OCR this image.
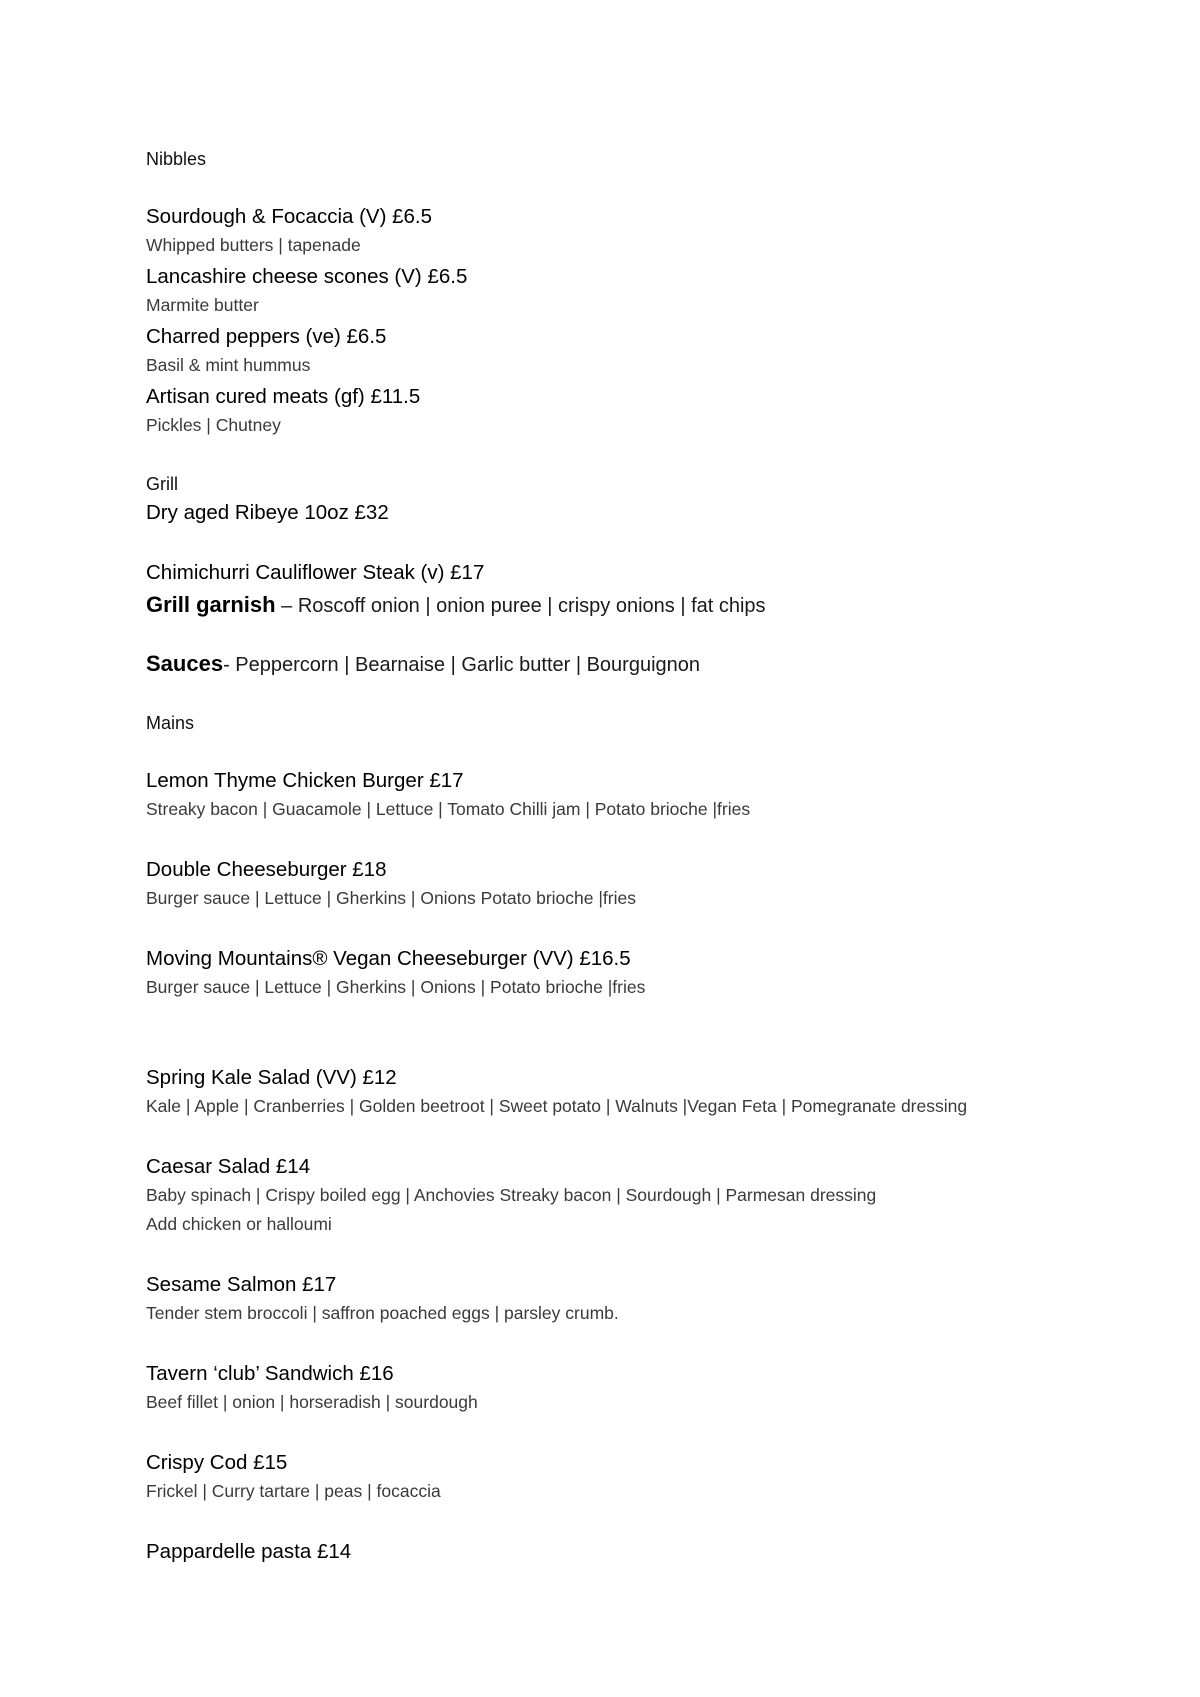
Nibbles
Sourdough & Focaccia (V) £6.5
Whipped butters | tapenade
Lancashire cheese scones (V) £6.5
Marmite butter
Charred peppers (ve) £6.5
Basil & mint hummus
Artisan cured meats (gf) £11.5
Pickles | Chutney
Grill
Dry aged Ribeye 10oz £32
Chimichurri Cauliflower Steak (v) £17
Grill garnish – Roscoff onion | onion puree | crispy onions | fat chips
Sauces- Peppercorn | Bearnaise | Garlic butter | Bourguignon
Mains
Lemon Thyme Chicken Burger £17
Streaky bacon | Guacamole | Lettuce | Tomato Chilli jam | Potato brioche |fries
Double Cheeseburger £18
Burger sauce | Lettuce | Gherkins | Onions Potato brioche |fries
Moving Mountains® Vegan Cheeseburger (VV) £16.5
Burger sauce | Lettuce | Gherkins | Onions | Potato brioche |fries
Spring Kale Salad (VV) £12
Kale | Apple | Cranberries | Golden beetroot | Sweet potato | Walnuts |Vegan Feta | Pomegranate dressing
Caesar Salad £14
Baby spinach | Crispy boiled egg | Anchovies Streaky bacon | Sourdough | Parmesan dressing
Add chicken or halloumi
Sesame Salmon £17
Tender stem broccoli | saffron poached eggs | parsley crumb.
Tavern ‘club’ Sandwich £16
Beef fillet | onion | horseradish | sourdough
Crispy Cod £15
Frickel | Curry tartare | peas | focaccia
Pappardelle pasta £14
